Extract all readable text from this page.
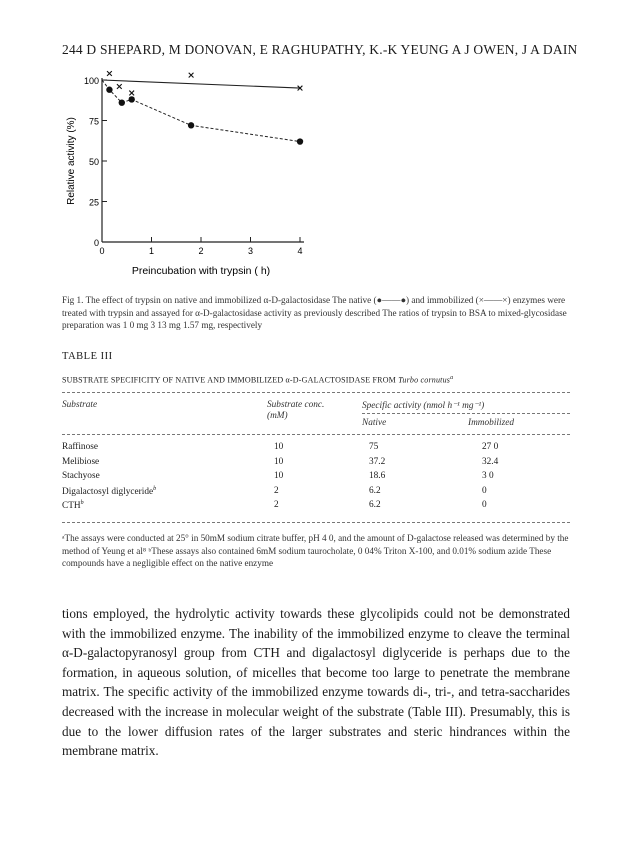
244 D SHEPARD, M DONOVAN, E RAGHUPATHY, K.-K YEUNG A J OWEN, J A DAIN
0
25
50
75
100
0	1	2	3	4
Preincubation with trypsin ( h)
Relative activity (%)
Fig 1. The effect of trypsin on native and immobilized α-D-galactosidase The native (●——●) and immobilized (×——×) enzymes were treated with trypsin and assayed for α-D-galactosidase activity as previously described The ratios of trypsin to BSA to mixed-glycosidase preparation was 1 0 mg 3 13 mg 1.57 mg, respectively
TABLE III
SUBSTRATE SPECIFICITY OF NATIVE AND IMMOBILIZED α-D-GALACTOSIDASE FROM Turbo cornutus$^a$
Substrate	Substrate conc. (mM)
Specific activity (nmol h⁻¹ mg⁻¹)
Native	Immobilized
Raffinose	10	75	27 0
Melibiose	10	37.2	32.4
Stachyose	10	18.6	3 0
Digalactosyl diglyceride$^b$	2	6.2	0
CTH$^b$	2	6.2	0
ᵃThe assays were conducted at 25° in 50mM sodium citrate buffer, pH 4 0, and the amount of D-galactose released was determined by the method of Yeung et al⁸ ᵇThese assays also contained 6mM sodium taurocholate, 0 04% Triton X-100, and 0.01% sodium azide These compounds have a negligible effect on the native enzyme
tions employed, the hydrolytic activity towards these glycolipids could not be demonstrated with the immobilized enzyme. The inability of the immobilized enzyme to cleave the terminal α-D-galactopyranosyl group from CTH and digalactosyl diglyceride is perhaps due to the formation, in aqueous solution, of micelles that become too large to penetrate the membrane matrix. The specific activity of the immobilized enzyme towards di-, tri-, and tetra-saccharides decreased with the increase in molecular weight of the substrate (Table III). Presumably, this is due to the lower diffusion rates of the larger substrates and steric hindrances within the membrane matrix.
